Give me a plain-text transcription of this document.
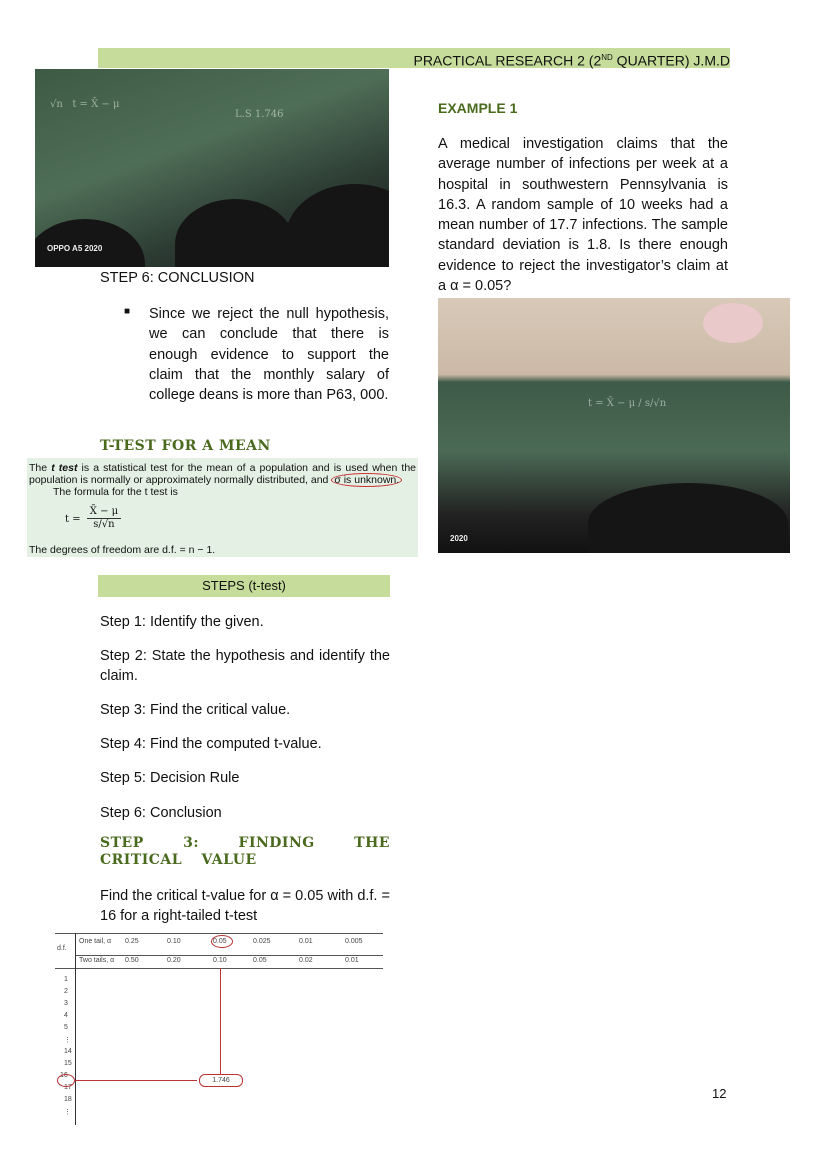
PRACTICAL RESEARCH 2 (2ND QUARTER) J.M.D
√n   t = X̄ − μ
L.S 1.746
OPPO A5 2020
STEP 6: CONCLUSION
■ Since we reject the null hypothesis, we can conclude that there is enough evidence to support the claim that the monthly salary of college deans is more than P63, 000.
T-TEST FOR A MEAN
The t test is a statistical test for the mean of a population and is used when the population is normally or approximately normally distributed, and σ is unknown.
The formula for the t test is
$t = \frac{X̄ - \mu}{s/√n}$
The degrees of freedom are d.f. = n − 1.
STEPS (t-test)
Step 1: Identify the given.
Step 2: State the hypothesis and identify the claim.
Step 3: Find the critical value.
Step 4: Find the computed t-value.
Step 5: Decision Rule
Step 6: Conclusion
STEP 3: FINDING THE CRITICAL VALUE
Find the critical t-value for α = 0.05 with d.f. = 16 for a right-tailed t-test
d.f.
One tail, α
Two tails, α
0.25
0.50
0.10
0.20
0.05
0.10
0.025
0.05
0.01
0.02
0.005
0.01
1
2
3
4
5
⋮
14
15
16
17
18
⋮
1.746
EXAMPLE 1
A medical investigation claims that the average number of infections per week at a hospital in southwestern Pennsylvania is 16.3. A random sample of 10 weeks had a mean number of 17.7 infections. The sample standard deviation is 1.8. Is there enough evidence to reject the investigator’s claim at a α = 0.05?
t = X̄ − μ / s/√n
2020
12
